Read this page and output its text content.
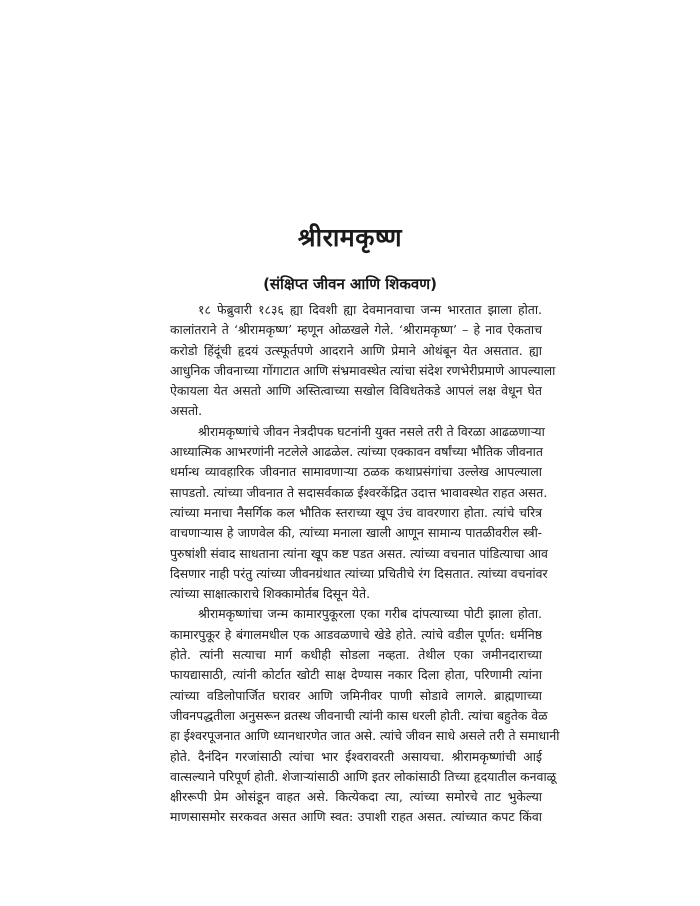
श्रीरामकृष्ण
(संक्षिप्त जीवन आणि शिकवण)

१८ फेब्रुवारी १८३६ ह्या दिवशी ह्या देवमानवाचा जन्म भारतात झाला होता.
कालांतराने ते ‘श्रीरामकृष्ण’ म्हणून ओळखले गेले. ‘श्रीरामकृष्ण’ – हे नाव ऐकताच
करोडो हिंदूंची हृदयं उत्स्फूर्तपणे आदराने आणि प्रेमाने ओथंबून येत असतात. ह्या
आधुनिक जीवनाच्या गोंगाटात आणि संभ्रमावस्थेत त्यांचा संदेश रणभेरीप्रमाणे आपल्याला
ऐकायला येत असतो आणि अस्तित्वाच्या सखोल विविधतेकडे आपलं लक्ष वेधून घेत
असतो.

श्रीरामकृष्णांचे जीवन नेत्रदीपक घटनांनी युक्त नसले तरी ते विरळा आढळणाऱ्या
आध्यात्मिक आभरणांनी नटलेले आढळेल. त्यांच्या एक्कावन वर्षांच्या भौतिक जीवनात
धर्मान्ध व्यावहारिक जीवनात सामावणाऱ्या ठळक कथाप्रसंगांचा उल्लेख आपल्याला
सापडतो. त्यांच्या जीवनात ते सदासर्वकाळ ईश्वरकेंद्रित उदात्त भावावस्थेत राहत असत.
त्यांच्या मनाचा नैसर्गिक कल भौतिक स्तराच्या खूप उंच वावरणारा होता. त्यांचे चरित्र
वाचणाऱ्यास हे जाणवेल की, त्यांच्या मनाला खाली आणून सामान्य पातळीवरील स्त्री-
पुरुषांशी संवाद साधताना त्यांना खूप कष्ट पडत असत. त्यांच्या वचनात पांडित्याचा आव
दिसणार नाही परंतु त्यांच्या जीवनग्रंथात त्यांच्या प्रचितीचे रंग दिसतात. त्यांच्या वचनांवर
त्यांच्या साक्षात्काराचे शिक्कामोर्तब दिसून येते.

श्रीरामकृष्णांचा जन्म कामारपुकूरला एका गरीब दांपत्याच्या पोटी झाला होता.
कामारपुकूर हे बंगालमधील एक आडवळणाचे खेडे होते. त्यांचे वडील पूर्णत: धर्मनिष्ठ
होते. त्यांनी सत्याचा मार्ग कधीही सोडला नव्हता. तेथील एका जमीनदाराच्या
फायद्यासाठी, त्यांनी कोर्टात खोटी साक्ष देण्यास नकार दिला होता, परिणामी त्यांना
त्यांच्या वडिलोपार्जित घरावर आणि जमिनीवर पाणी सोडावे लागले. ब्राह्मणाच्या
जीवनपद्धतीला अनुसरून व्रतस्थ जीवनाची त्यांनी कास धरली होती. त्यांचा बहुतेक वेळ
हा ईश्वरपूजनात आणि ध्यानधारणेत जात असे. त्यांचे जीवन साधे असले तरी ते समाधानी
होते. दैनंदिन गरजांसाठी त्यांचा भार ईश्वरावरती असायचा. श्रीरामकृष्णांची आई
वात्सल्याने परिपूर्ण होती. शेजाऱ्यांसाठी आणि इतर लोकांसाठी तिच्या हृदयातील कनवाळू
क्षीररूपी प्रेम ओसंडून वाहत असे. कित्येकदा त्या, त्यांच्या समोरचे ताट भुकेल्या
माणसासमोर सरकवत असत आणि स्वत: उपाशी राहत असत. त्यांच्यात कपट किंवा
